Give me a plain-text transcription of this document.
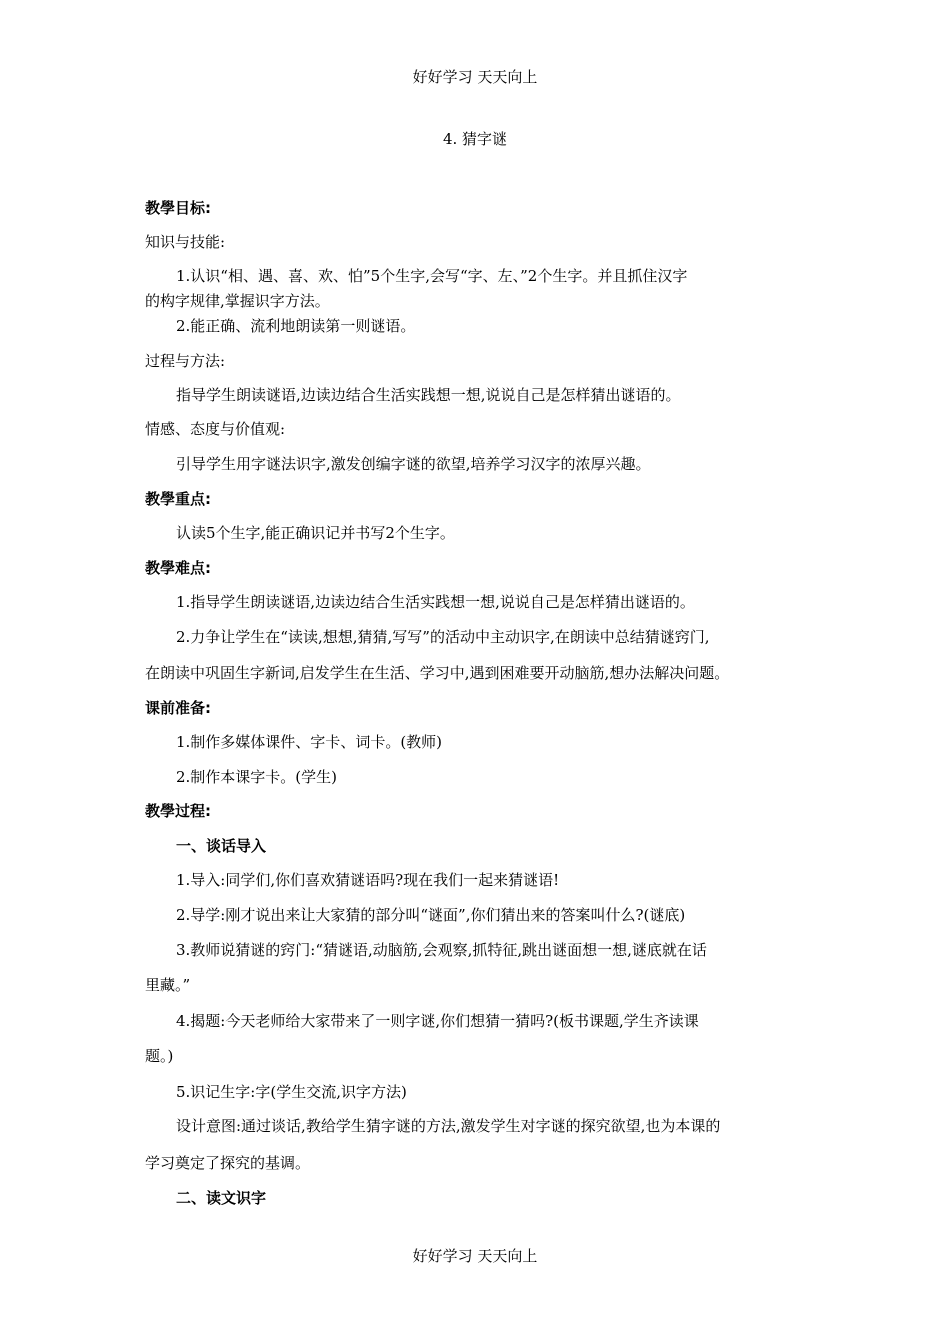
好好学习 天天向上
4. 猜字谜
教學目标:
知识与技能:
1.认识“相、遇、喜、欢、怕”5个生字,会写“字、左、”2个生字。并且抓住汉字
的构字规律,掌握识字方法。
2.能正确、流利地朗读第一则谜语。
过程与方法:
指导学生朗读谜语,边读边结合生活实践想一想,说说自己是怎样猜出谜语的。
情感、态度与价值观:
引导学生用字谜法识字,激发创编字谜的欲望,培养学习汉字的浓厚兴趣。
教學重点:
认读5个生字,能正确识记并书写2个生字。
教學难点:
1.指导学生朗读谜语,边读边结合生活实践想一想,说说自己是怎样猜出谜语的。
2.力争让学生在“读读,想想,猜猜,写写”的活动中主动识字,在朗读中总结猜谜窍门,
在朗读中巩固生字新词,启发学生在生活、学习中,遇到困难要开动脑筋,想办法解决问题。
课前准备:
1.制作多媒体课件、字卡、词卡。(教师)
2.制作本课字卡。(学生)
教學过程:
一、谈话导入
1.导入:同学们,你们喜欢猜谜语吗?现在我们一起来猜谜语!
2.导学:刚才说出来让大家猜的部分叫“谜面”,你们猜出来的答案叫什么?(谜底)
3.教师说猜谜的窍门:“猜谜语,动脑筋,会观察,抓特征,跳出谜面想一想,谜底就在话
里藏。”
4.揭题:今天老师给大家带来了一则字谜,你们想猜一猜吗?(板书课题,学生齐读课
题。)
5.识记生字:字(学生交流,识字方法)
设计意图:通过谈话,教给学生猜字谜的方法,激发学生对字谜的探究欲望,也为本课的
学习奠定了探究的基调。
二、读文识字
好好学习 天天向上
